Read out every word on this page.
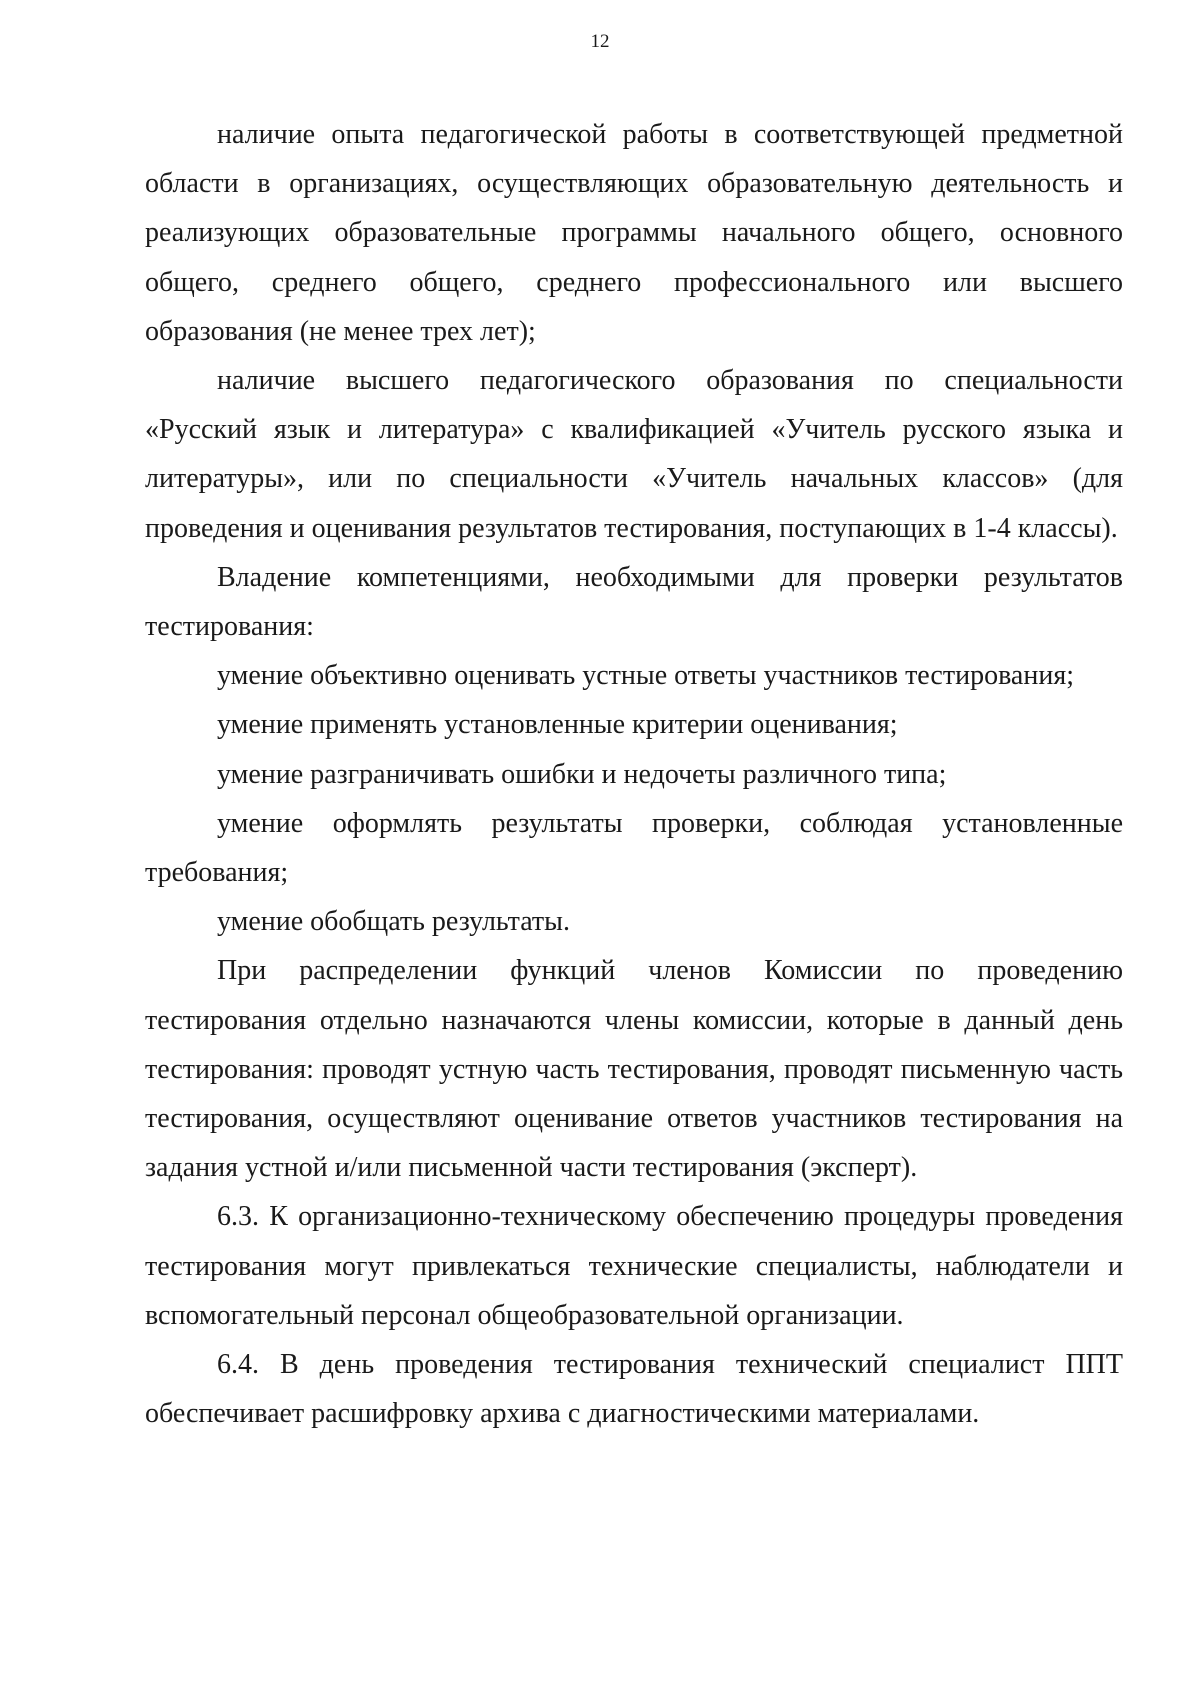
12

наличие опыта педагогической работы в соответствующей предметной области в организациях, осуществляющих образовательную деятельность и реализующих образовательные программы начального общего, основного общего, среднего общего, среднего профессионального или высшего образования (не менее трех лет);

наличие высшего педагогического образования по специальности «Русский язык и литература» с квалификацией «Учитель русского языка и литературы», или по специальности «Учитель начальных классов» (для проведения и оценивания результатов тестирования, поступающих в 1-4 классы).

Владение компетенциями, необходимыми для проверки результатов тестирования:

умение объективно оценивать устные ответы участников тестирования;

умение применять установленные критерии оценивания;

умение разграничивать ошибки и недочеты различного типа;

умение оформлять результаты проверки, соблюдая установленные требования;

умение обобщать результаты.

При распределении функций членов Комиссии по проведению тестирования отдельно назначаются члены комиссии, которые в данный день тестирования: проводят устную часть тестирования, проводят письменную часть тестирования, осуществляют оценивание ответов участников тестирования на задания устной и/или письменной части тестирования (эксперт).

6.3. К организационно-техническому обеспечению процедуры проведения тестирования могут привлекаться технические специалисты, наблюдатели и вспомогательный персонал общеобразовательной организации.

6.4. В день проведения тестирования технический специалист ППТ обеспечивает расшифровку архива с диагностическими материалами.
